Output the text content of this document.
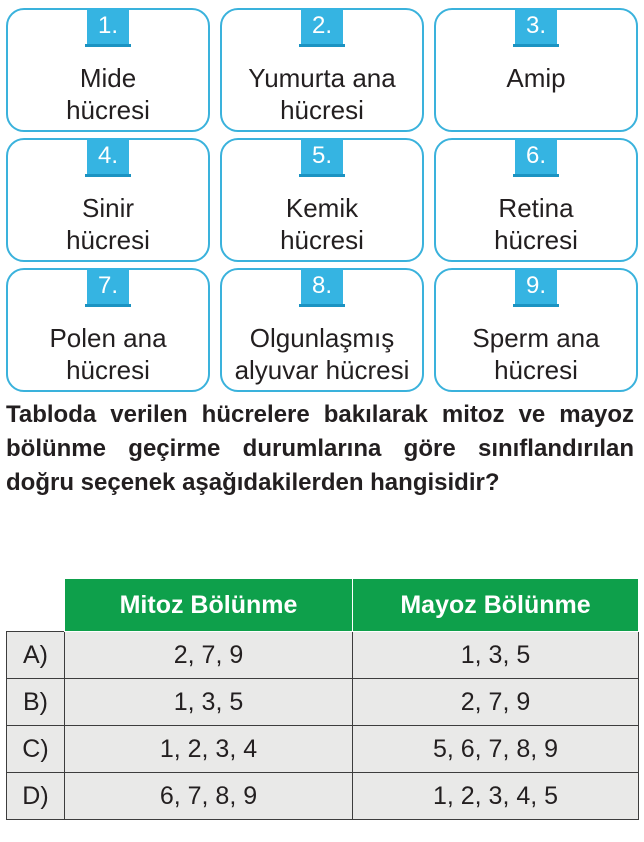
1.
Mide
hücresi
2.
Yumurta ana
hücresi
3.
Amip
4.
Sinir
hücresi
5.
Kemik
hücresi
6.
Retina
hücresi
7.
Polen ana
hücresi
8.
Olgunlaşmış
alyuvar hücresi
9.
Sperm ana
hücresi

Tabloda verilen hücrelere bakılarak mitoz ve mayoz bölünme geçirme durumlarına göre sınıflandırılan doğru seçenek aşağıdakilerden hangisidir?

	Mitoz Bölünme	Mayoz Bölünme
A)	2, 7, 9	1, 3, 5
B)	1, 3, 5	2, 7, 9
C)	1, 2, 3, 4	5, 6, 7, 8, 9
D)	6, 7, 8, 9	1, 2, 3, 4, 5
